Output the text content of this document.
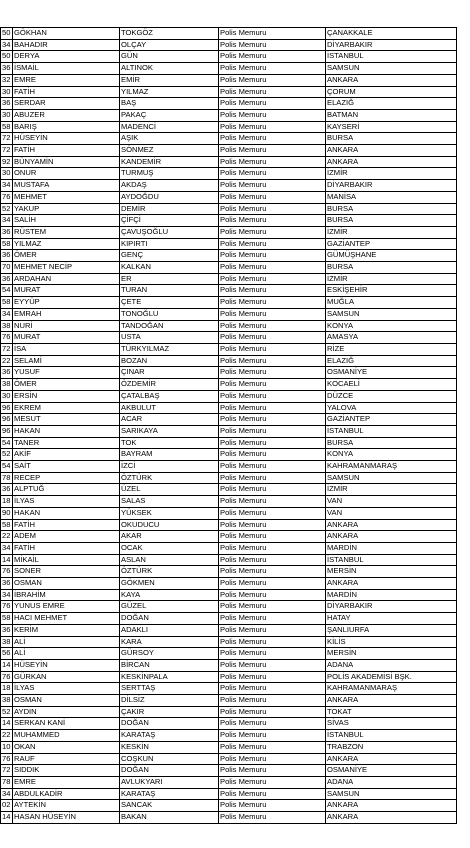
50	GÖKHAN	TOKGÖZ	Polis Memuru	ÇANAKKALE
34	BAHADIR	OLÇAY	Polis Memuru	DİYARBAKIR
50	DERYA	GÜN	Polis Memuru	İSTANBUL
36	İSMAİL	ALTINOK	Polis Memuru	SAMSUN
32	EMRE	EMİR	Polis Memuru	ANKARA
30	FATİH	YILMAZ	Polis Memuru	ÇORUM
36	SERDAR	BAŞ	Polis Memuru	ELAZIĞ
30	ABUZER	PAKAÇ	Polis Memuru	BATMAN
58	BARIŞ	MADENCİ	Polis Memuru	KAYSERİ
72	HÜSEYİN	AŞIK	Polis Memuru	BURSA
72	FATİH	SÖNMEZ	Polis Memuru	ANKARA
92	BÜNYAMİN	KANDEMİR	Polis Memuru	ANKARA
30	ONUR	TURMUŞ	Polis Memuru	İZMİR
34	MUSTAFA	AKDAŞ	Polis Memuru	DİYARBAKIR
76	MEHMET	AYDOĞDU	Polis Memuru	MANİSA
52	YAKUP	DEMİR	Polis Memuru	BURSA
34	SALİH	ÇİFÇİ	Polis Memuru	BURSA
36	RÜSTEM	ÇAVUŞOĞLU	Polis Memuru	İZMİR
58	YILMAZ	KIPIRTI	Polis Memuru	GAZİANTEP
36	ÖMER	GENÇ	Polis Memuru	GÜMÜŞHANE
70	MEHMET NECİP	KALKAN	Polis Memuru	BURSA
36	ARDAHAN	ER	Polis Memuru	İZMİR
54	MURAT	TURAN	Polis Memuru	ESKİŞEHİR
58	EYYÜP	ÇETE	Polis Memuru	MUĞLA
34	EMRAH	TONOĞLU	Polis Memuru	SAMSUN
38	NURİ	TANDOĞAN	Polis Memuru	KONYA
76	MURAT	USTA	Polis Memuru	AMASYA
72	İSA	TÜRKYILMAZ	Polis Memuru	RİZE
22	SELAMİ	BOZAN	Polis Memuru	ELAZIĞ
36	YUSUF	ÇINAR	Polis Memuru	OSMANİYE
38	ÖMER	ÖZDEMİR	Polis Memuru	KOCAELİ
30	ERSİN	ÇATALBAŞ	Polis Memuru	DÜZCE
96	EKREM	AKBULUT	Polis Memuru	YALOVA
96	MESUT	ACAR	Polis Memuru	GAZİANTEP
96	HAKAN	SARIKAYA	Polis Memuru	İSTANBUL
54	TANER	TOK	Polis Memuru	BURSA
52	AKİF	BAYRAM	Polis Memuru	KONYA
54	SAİT	İZCİ	Polis Memuru	KAHRAMANMARAŞ
78	RECEP	ÖZTÜRK	Polis Memuru	SAMSUN
36	ALPTUĞ	ÜZEL	Polis Memuru	İZMİR
18	İLYAS	SALAS	Polis Memuru	VAN
90	HAKAN	YÜKSEK	Polis Memuru	VAN
58	FATİH	OKUDUCU	Polis Memuru	ANKARA
22	ADEM	AKAR	Polis Memuru	ANKARA
34	FATİH	OCAK	Polis Memuru	MARDİN
14	MİKAİL	ASLAN	Polis Memuru	İSTANBUL
76	SONER	ÖZTÜRK	Polis Memuru	MERSİN
36	OSMAN	GÖKMEN	Polis Memuru	ANKARA
34	İBRAHİM	KAYA	Polis Memuru	MARDİN
76	YUNUS EMRE	GÜZEL	Polis Memuru	DİYARBAKIR
58	HACI MEHMET	DOĞAN	Polis Memuru	HATAY
36	KERİM	ADAKLI	Polis Memuru	ŞANLIURFA
38	ALİ	KARA	Polis Memuru	KİLİS
56	ALİ	GÜRSOY	Polis Memuru	MERSİN
14	HÜSEYİN	BİRCAN	Polis Memuru	ADANA
76	GÜRKAN	KESKİNPALA	Polis Memuru	POLİS AKADEMİSİ BŞK.
18	İLYAS	SERTTAŞ	Polis Memuru	KAHRAMANMARAŞ
38	OSMAN	DİLSİZ	Polis Memuru	ANKARA
52	AYDIN	ÇAKIR	Polis Memuru	TOKAT
14	SERKAN KANİ	DOĞAN	Polis Memuru	SİVAS
22	MUHAMMED	KARATAŞ	Polis Memuru	İSTANBUL
10	OKAN	KESKİN	Polis Memuru	TRABZON
76	RAUF	COŞKUN	Polis Memuru	ANKARA
72	SIDDIK	DOĞAN	Polis Memuru	OSMANİYE
78	EMRE	AVLUKYARI	Polis Memuru	ADANA
34	ABDULKADİR	KARATAŞ	Polis Memuru	SAMSUN
02	AYTEKİN	SANCAK	Polis Memuru	ANKARA
14	HASAN HÜSEYİN	BAKAN	Polis Memuru	ANKARA
